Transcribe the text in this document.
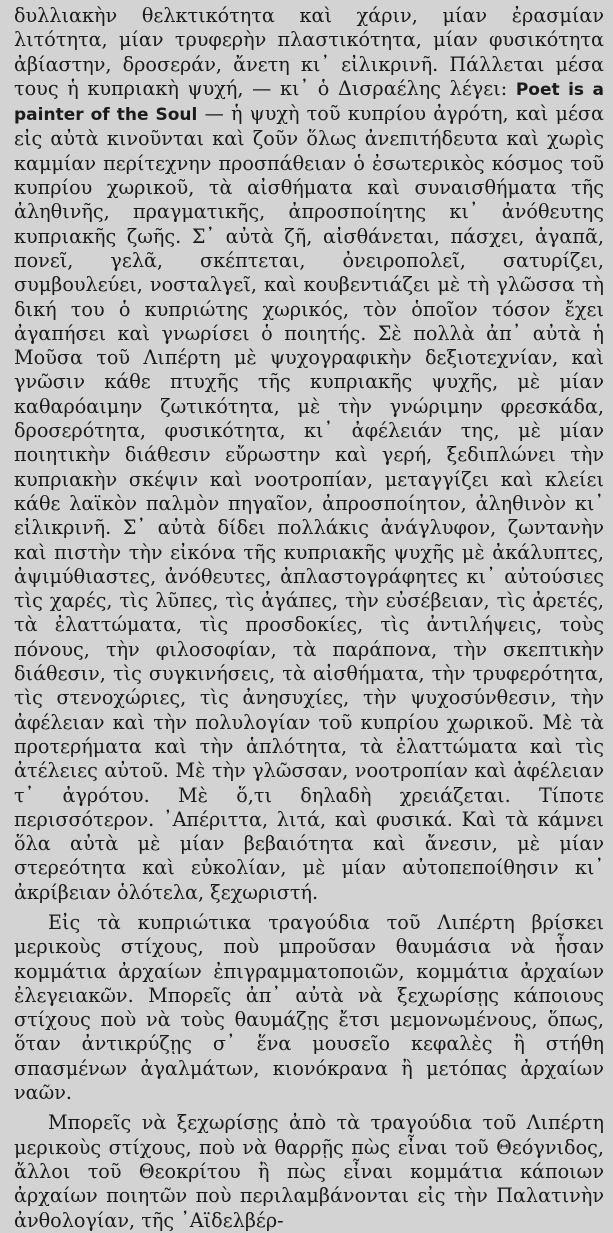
δυλλιακὴν θελκτικότητα καὶ χάριν, μίαν ἐρασμίαν λιτότητα, μίαν τρυφερὴν πλαστικότητα, μίαν φυσικότητα ἀβίαστην, δροσεράν, ἄνετη κι᾽ εἰλικρινῆ. Πάλλεται μέσα τους ἡ κυπριακὴ ψυχή, — κι᾽ ὁ Δισραέλης λέγει: Poet is a painter of the Soul — ἡ ψυχὴ τοῦ κυπρίου ἀγρότη, καὶ μέσα εἰς αὐτὰ κινοῦνται καὶ ζοῦν ὅλως ἀνεπιτήδευτα καὶ χωρὶς καμμίαν περίτεχνην προσπάθειαν ὁ ἐσωτερικὸς κόσμος τοῦ κυπρίου χωρικοῦ, τὰ αἰσθήματα καὶ συναισθήματα τῆς ἀληθινῆς, πραγματικῆς, ἀπροσποίητης κι᾽ ἀνόθευτης κυπριακῆς ζωῆς. Σ᾽ αὐτὰ ζῆ, αἰσθάνεται, πάσχει, ἀγαπᾶ, πονεῖ, γελᾶ, σκέπτεται, ὀνειροπολεῖ, σατυρίζει, συμβουλεύει, νοσταλγεῖ, καὶ κουβεντιάζει μὲ τὴ γλῶσσα τὴ δική του ὁ κυπριώτης χωρικός, τὸν ὁποῖον τόσον ἔχει ἀγαπήσει καὶ γνωρίσει ὁ ποιητής. Σὲ πολλὰ ἀπ᾽ αὐτὰ ἡ Μοῦσα τοῦ Λιπέρτη μὲ ψυχογραφικὴν δεξιοτεχνίαν, καὶ γνῶσιν κάθε πτυχῆς τῆς κυπριακῆς ψυχῆς, μὲ μίαν καθαρόαιμην ζωτικότητα, μὲ τὴν γνώριμην φρεσκάδα, δροσερότητα, φυσικότητα, κι᾽ ἀφέλειάν της, μὲ μίαν ποιητικὴν διάθεσιν εὔρωστην καὶ γερή, ξεδιπλώνει τὴν κυπριακὴν σκέψιν καὶ νοοτροπίαν, μεταγγίζει καὶ κλείει κάθε λαϊκὸν παλμὸν πηγαῖον, ἀπροσποίητον, ἀληθινὸν κι᾽ εἰλικρινῆ. Σ᾽ αὐτὰ δίδει πολλάκις ἀνάγλυφον, ζωντανὴν καὶ πιστὴν τὴν εἰκόνα τῆς κυπριακῆς ψυχῆς μὲ ἀκάλυπτες, ἀψιμύθιαστες, ἀνόθευτες, ἀπλαστογράφητες κι᾽ αὐτούσιες τὶς χαρές, τὶς λῦπες, τὶς ἀγάπες, τὴν εὐσέβειαν, τὶς ἀρετές, τὰ ἐλαττώματα, τὶς προσδοκίες, τὶς ἀντιλήψεις, τοὺς πόνους, τὴν φιλοσοφίαν, τὰ παράπονα, τὴν σκεπτικὴν διάθεσιν, τὶς συγκινήσεις, τὰ αἰσθήματα, τὴν τρυφερότητα, τὶς στενοχώριες, τὶς ἀνησυχίες, τὴν ψυχοσύνθεσιν, τὴν ἀφέλειαν καὶ τὴν πολυλογίαν τοῦ κυπρίου χωρικοῦ. Μὲ τὰ προτερήματα καὶ τὴν ἁπλότητα, τὰ ἐλαττώματα καὶ τὶς ἀτέλειες αὐτοῦ. Μὲ τὴν γλῶσσαν, νοοτροπίαν καὶ ἀφέλειαν τ᾽ ἀγρότου. Μὲ ὅ,τι δηλαδὴ χρειάζεται. Τίποτε περισσότερον. ᾽Απέριττα, λιτά, καὶ φυσικά. Καὶ τὰ κάμνει ὅλα αὐτὰ μὲ μίαν βεβαιότητα καὶ ἄνεσιν, μὲ μίαν στερεότητα καὶ εὐκολίαν, μὲ μίαν αὐτοπεποίθησιν κι᾽ ἀκρίβειαν ὁλότελα, ξεχωριστή.

Εἰς τὰ κυπριώτικα τραγούδια τοῦ Λιπέρτη βρίσκει μερικοὺς στίχους, ποὺ μπροῦσαν θαυμάσια νὰ ἦσαν κομμάτια ἀρχαίων ἐπιγραμματοποιῶν, κομμάτια ἀρχαίων ἐλεγειακῶν. Μπορεῖς ἀπ᾽ αὐτὰ νὰ ξεχωρίσῃς κάποιους στίχους ποὺ νὰ τοὺς θαυμάζῃς ἔτσι μεμονωμένους, ὅπως, ὅταν ἀντικρύζῃς σ᾽ ἕνα μουσεῖο κεφαλὲς ἢ στήθη σπασμένων ἀγαλμάτων, κιονόκρανα ἢ μετόπας ἀρχαίων ναῶν.

Μπορεῖς νὰ ξεχωρίσῃς ἀπὸ τὰ τραγούδια τοῦ Λιπέρτη μερικοὺς στίχους, ποὺ νὰ θαρρῇς πὼς εἶναι τοῦ Θεόγνιδος, ἄλλοι τοῦ Θεοκρίτου ἢ πὼς εἶναι κομμάτια κάποιων ἀρχαίων ποιητῶν ποὺ περιλαμβάνονται εἰς τὴν Παλατινὴν ἀνθολογίαν, τῆς ᾽Αϊδελβέρ-
